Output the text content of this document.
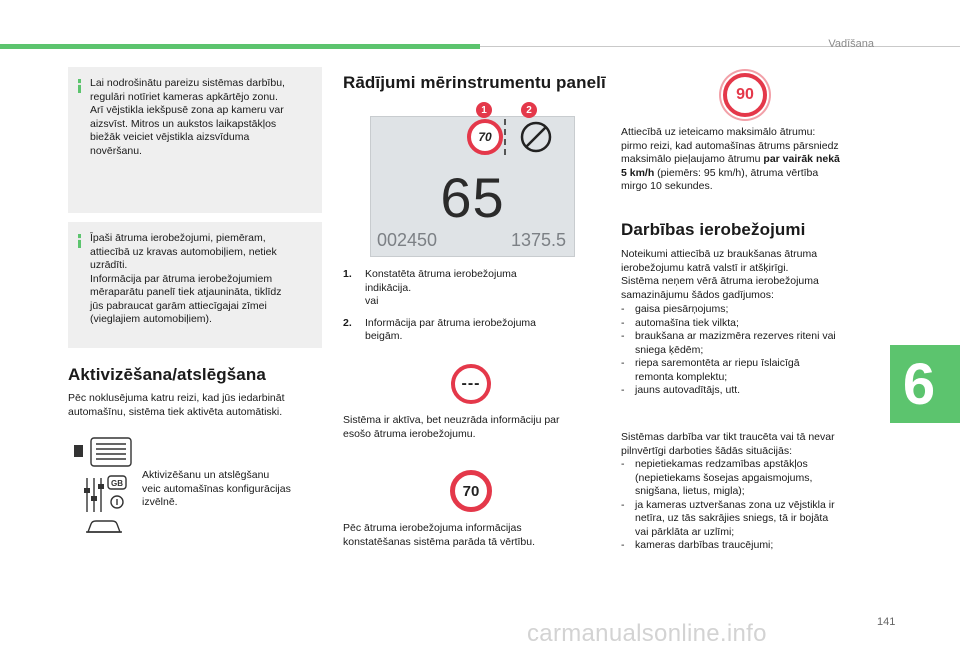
Vadīšana
Lai nodrošinātu pareizu sistēmas darbību,
regulāri notīriet kameras apkārtējo zonu.
Arī vējstikla iekšpusē zona ap kameru var
aizsvīst. Mitros un aukstos laikapstākļos
biežāk veiciet vējstikla aizsvīduma
novēršanu.
Īpaši ātruma ierobežojumi, piemēram,
attiecībā uz kravas automobiļiem, netiek
uzrādīti.
Informācija par ātruma ierobežojumiem
mēraparātu panelī tiek atjaunināta, tiklīdz
jūs pabraucat garām attiecīgajai zīmei
(vieglajiem automobiļiem).
Aktivizēšana/atslēgšana
Pēc noklusējuma katru reizi, kad jūs iedarbināt
automašīnu, sistēma tiek aktivēta automātiski.
GB
Aktivizēšanu un atslēgšanu
veic automašīnas konfigurācijas
izvēlnē.
Rādījumi mērinstrumentu panelī
70
65
002450	1375.5
1	2
1.	Konstatēta ātruma ierobežojuma
indikācija.
vai
2.	Informācija par ātruma ierobežojuma
beigām.
---
Sistēma ir aktīva, bet neuzrāda informāciju par
esošo ātruma ierobežojumu.
70
Pēc ātruma ierobežojuma informācijas
konstatēšanas sistēma parāda tā vērtību.
90
Attiecībā uz ieteicamo maksimālo ātrumu:
pirmo reizi, kad automašīnas ātrums pārsniedz
maksimālo pieļaujamo ātrumu par vairāk nekā
5 km/h (piemērs: 95 km/h), ātruma vērtība
mirgo 10 sekundes.
Darbības ierobežojumi
Noteikumi attiecībā uz braukšanas ātruma
ierobežojumu katrā valstī ir atšķirīgi.
Sistēma neņem vērā ātruma ierobežojuma
samazinājumu šādos gadījumos:
-	gaisa piesārņojums;
-	automašīna tiek vilkta;
-	braukšana ar mazizmēra rezerves riteni vai
sniega ķēdēm;
-	riepa saremontēta ar riepu īslaicīgā
remonta komplektu;
-	jauns autovadītājs, utt.
Sistēmas darbība var tikt traucēta vai tā nevar
pilnvērtīgi darboties šādās situācijās:
-	nepietiekamas redzamības apstākļos
(nepietiekams šosejas apgaismojums,
snigšana, lietus, migla);
-	ja kameras uztveršanas zona uz vējstikla ir
netīra, uz tās sakrājies sniegs, tā ir bojāta
vai pārklāta ar uzlīmi;
-	kameras darbības traucējumi;
6
141
carmanualsonline.info
